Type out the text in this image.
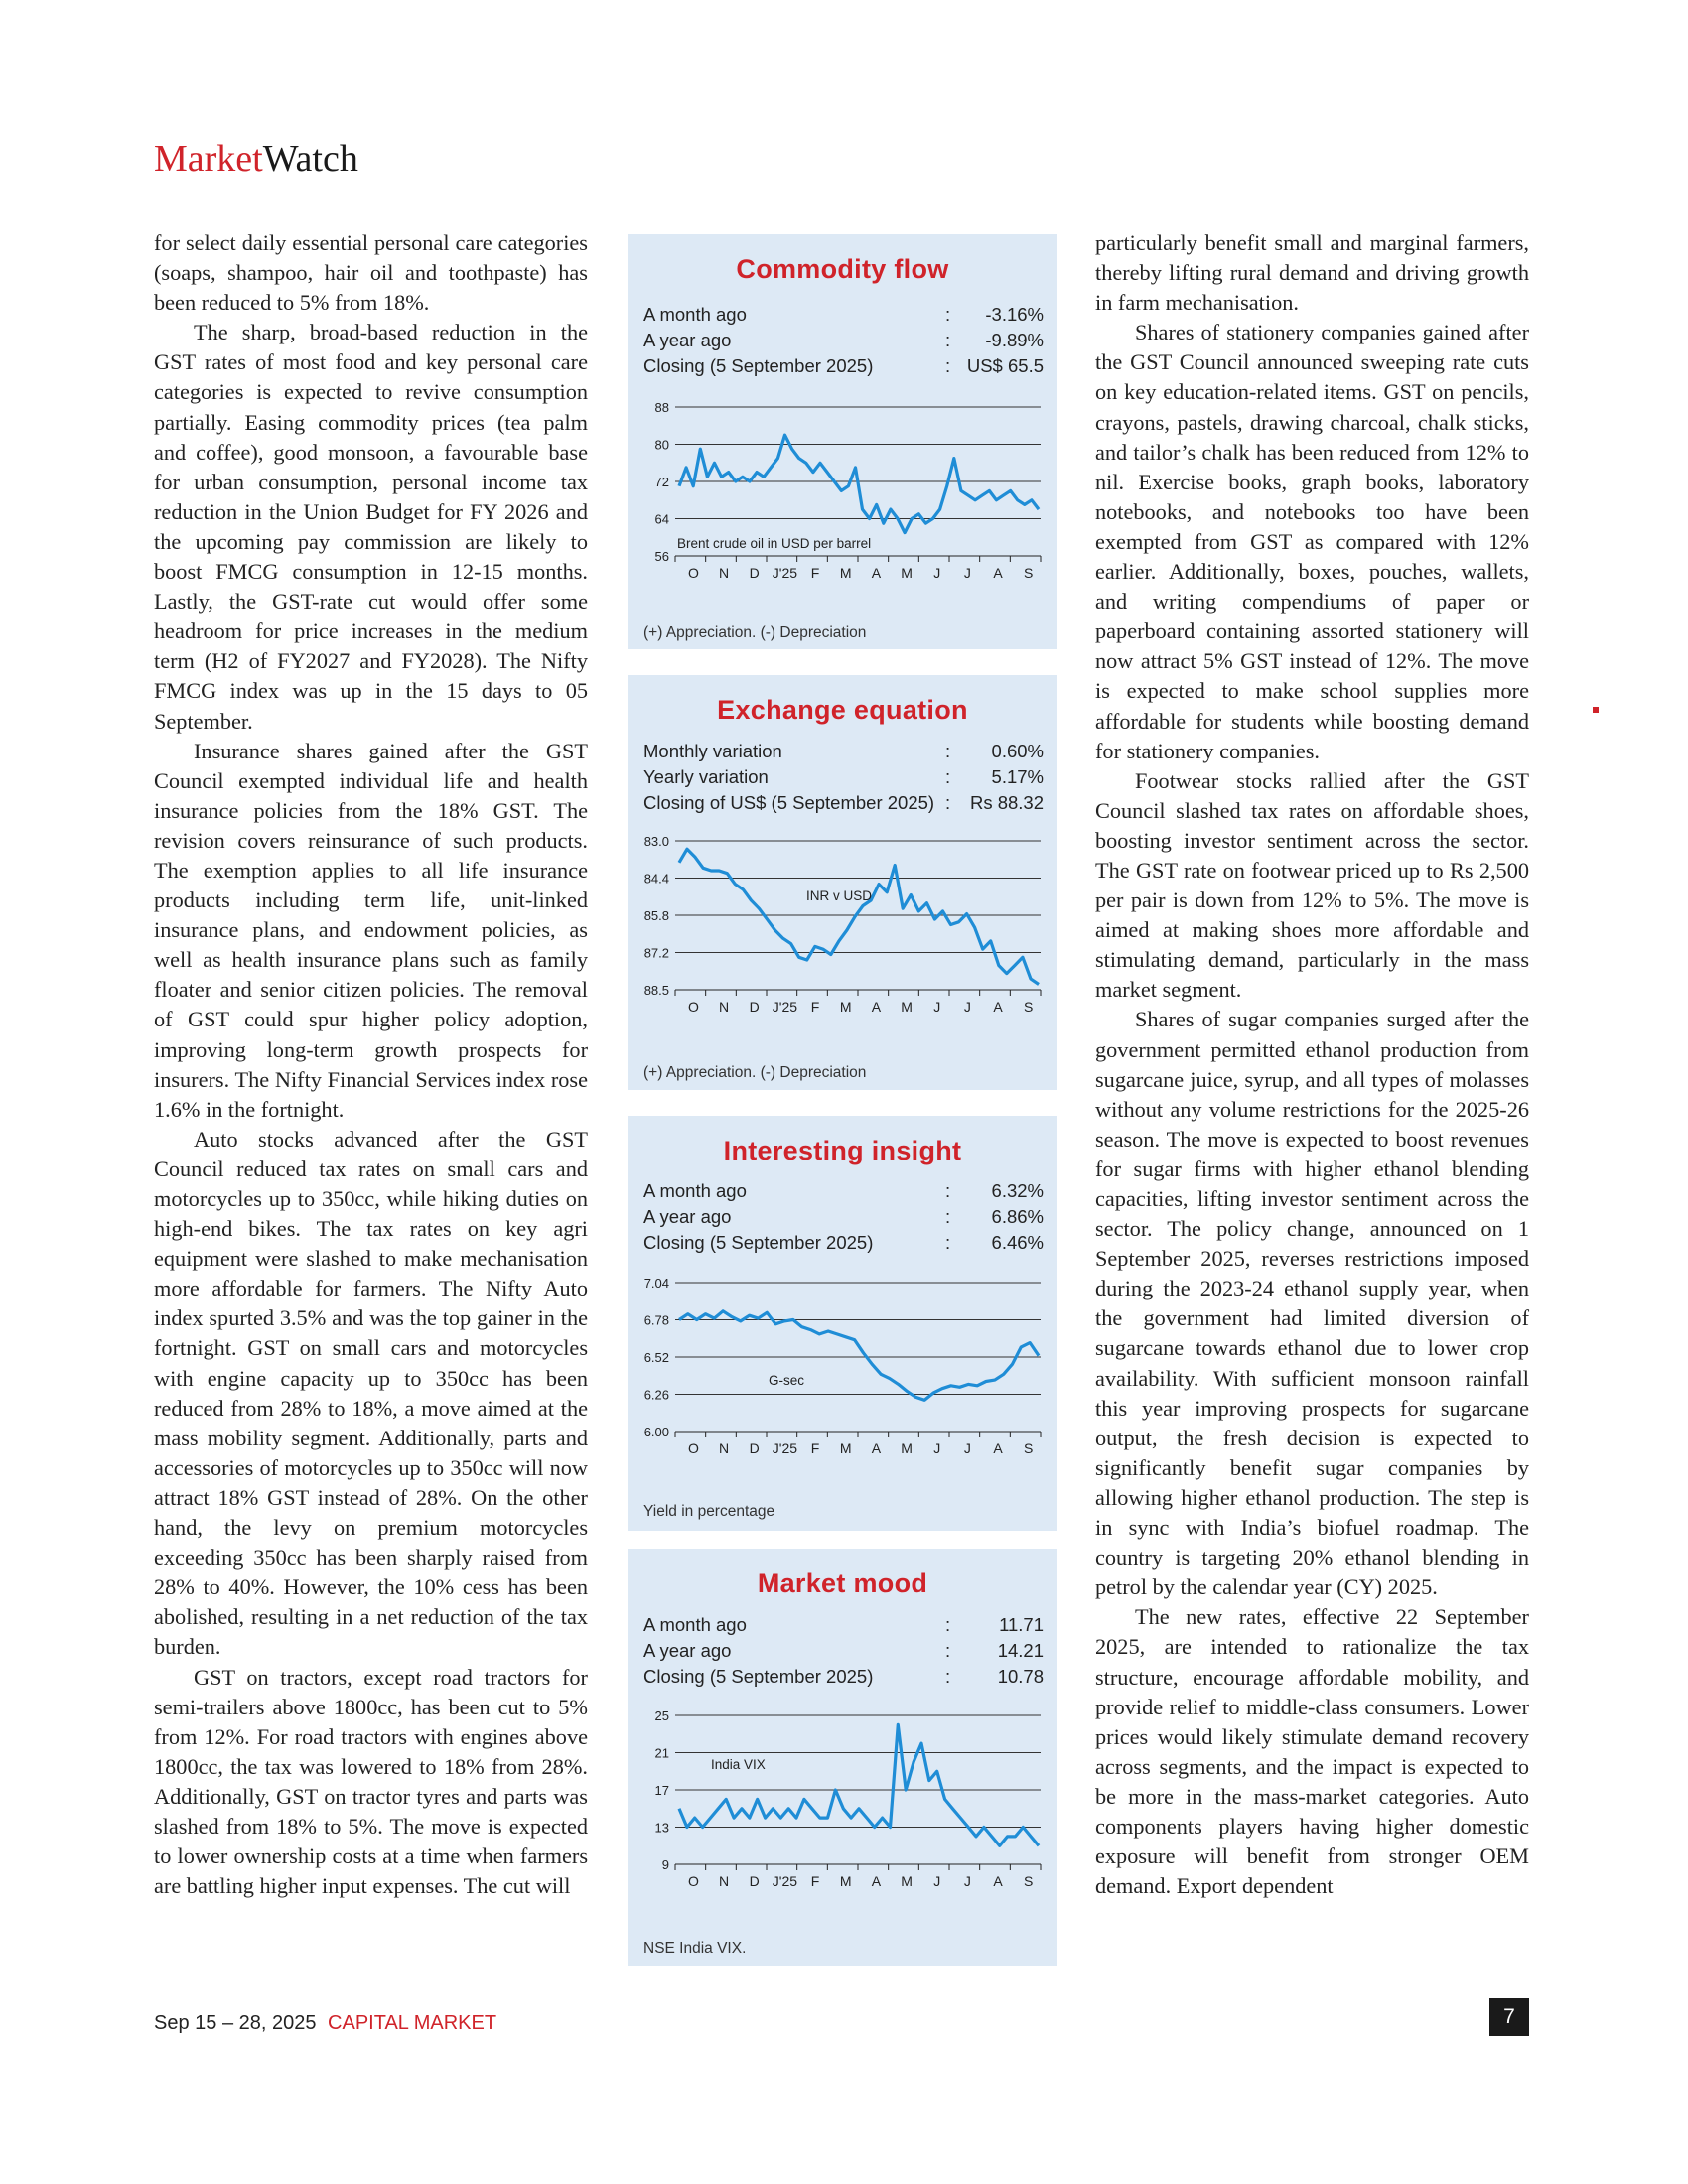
MarketWatch

for select daily essential personal care categories (soaps, shampoo, hair oil and toothpaste) has been reduced to 5% from 18%.

The sharp, broad-based reduction in the GST rates of most food and key personal care categories is expected to revive consumption partially. Easing commodity prices (tea palm and coffee), good monsoon, a favourable base for urban consumption, personal income tax reduction in the Union Budget for FY 2026 and the upcoming pay commission are likely to boost FMCG consumption in 12-15 months. Lastly, the GST-rate cut would offer some headroom for price increases in the medium term (H2 of FY2027 and FY2028). The Nifty FMCG index was up in the 15 days to 05 September.

Insurance shares gained after the GST Council exempted individual life and health insurance policies from the 18% GST. The revision covers reinsurance of such products. The exemption applies to all life insurance products including term life, unit-linked insurance plans, and endowment policies, as well as health insurance plans such as family floater and senior citizen policies. The removal of GST could spur higher policy adoption, improving long-term growth prospects for insurers. The Nifty Financial Services index rose 1.6% in the fortnight.

Auto stocks advanced after the GST Council reduced tax rates on small cars and motorcycles up to 350cc, while hiking duties on high-end bikes. The tax rates on key agri equipment were slashed to make mechanisation more affordable for farmers. The Nifty Auto index spurted 3.5% and was the top gainer in the fortnight. GST on small cars and motorcycles with engine capacity up to 350cc has been reduced from 28% to 18%, a move aimed at the mass mobility segment. Additionally, parts and accessories of motorcycles up to 350cc will now attract 18% GST instead of 28%. On the other hand, the levy on premium motorcycles exceeding 350cc has been sharply raised from 28% to 40%. However, the 10% cess has been abolished, resulting in a net reduction of the tax burden.

GST on tractors, except road tractors for semi-trailers above 1800cc, has been cut to 5% from 12%. For road tractors with engines above 1800cc, the tax was lowered to 18% from 28%. Additionally, GST on tractor tyres and parts was slashed from 18% to 5%. The move is expected to lower ownership costs at a time when farmers are battling higher input expenses. The cut will

particularly benefit small and marginal farmers, thereby lifting rural demand and driving growth in farm mechanisation.

Shares of stationery companies gained after the GST Council announced sweeping rate cuts on key education-related items. GST on pencils, crayons, pastels, drawing charcoal, chalk sticks, and tailor’s chalk has been reduced from 12% to nil. Exercise books, graph books, laboratory notebooks, and notebooks too have been exempted from GST as compared with 12% earlier. Additionally, boxes, pouches, wallets, and writing compendiums of paper or paperboard containing assorted stationery will now attract 5% GST instead of 12%. The move is expected to make school supplies more affordable for students while boosting demand for stationery companies.

Footwear stocks rallied after the GST Council slashed tax rates on affordable shoes, boosting investor sentiment across the sector. The GST rate on footwear priced up to Rs 2,500 per pair is down from 12% to 5%. The move is aimed at making shoes more affordable and stimulating demand, particularly in the mass market segment.

Shares of sugar companies surged after the government permitted ethanol production from sugarcane juice, syrup, and all types of molasses without any volume restrictions for the 2025-26 season. The move is expected to boost revenues for sugar firms with higher ethanol blending capacities, lifting investor sentiment across the sector. The policy change, announced on 1 September 2025, reverses restrictions imposed during the 2023-24 ethanol supply year, when the government had limited diversion of sugarcane towards ethanol due to lower crop availability. With sufficient monsoon rainfall this year improving prospects for sugarcane output, the fresh decision is expected to significantly benefit sugar companies by allowing higher ethanol production. The step is in sync with India’s biofuel roadmap. The country is targeting 20% ethanol blending in petrol by the calendar year (CY) 2025.

The new rates, effective 22 September 2025, are intended to rationalize the tax structure, encourage affordable mobility, and provide relief to middle-class consumers. Lower prices would likely stimulate demand recovery across segments, and the impact is expected to be more in the mass-market categories. Auto components players having higher domestic exposure will benefit from stronger OEM demand. Export dependent

Commodity flow
A month ago	: -3.16%
A year ago	: -9.89%
Closing (5 September 2025)	: US$ 65.5
88
80
72
64
56
O N D J'25 F M A M J J A S
Brent crude oil in USD per barrel
(+) Appreciation. (-) Depreciation
Exchange equation
Monthly variation	: 0.60%
Yearly variation	: 5.17%
Closing of US$ (5 September 2025) : Rs 88.32
83.0
84.4
85.8
87.2
88.5
O N D J'25 F M A M J J A S
INR v USD
(+) Appreciation. (-) Depreciation
Interesting insight
A month ago	: 6.32%
A year ago	: 6.86%
Closing (5 September 2025)	: 6.46%
7.04
6.78
6.52
6.26
6.00
O N D J'25 F M A M J J A S
G-sec
Yield in percentage
Market mood
A month ago	:	11.71
A year ago	:	14.21
Closing (5 September 2025)	:	10.78
25
21
17
13
9
O N D J'25 F M A M J J A S
India VIX
NSE India VIX.
Sep 15 – 28, 2025 CAPITAL MARKET	7
